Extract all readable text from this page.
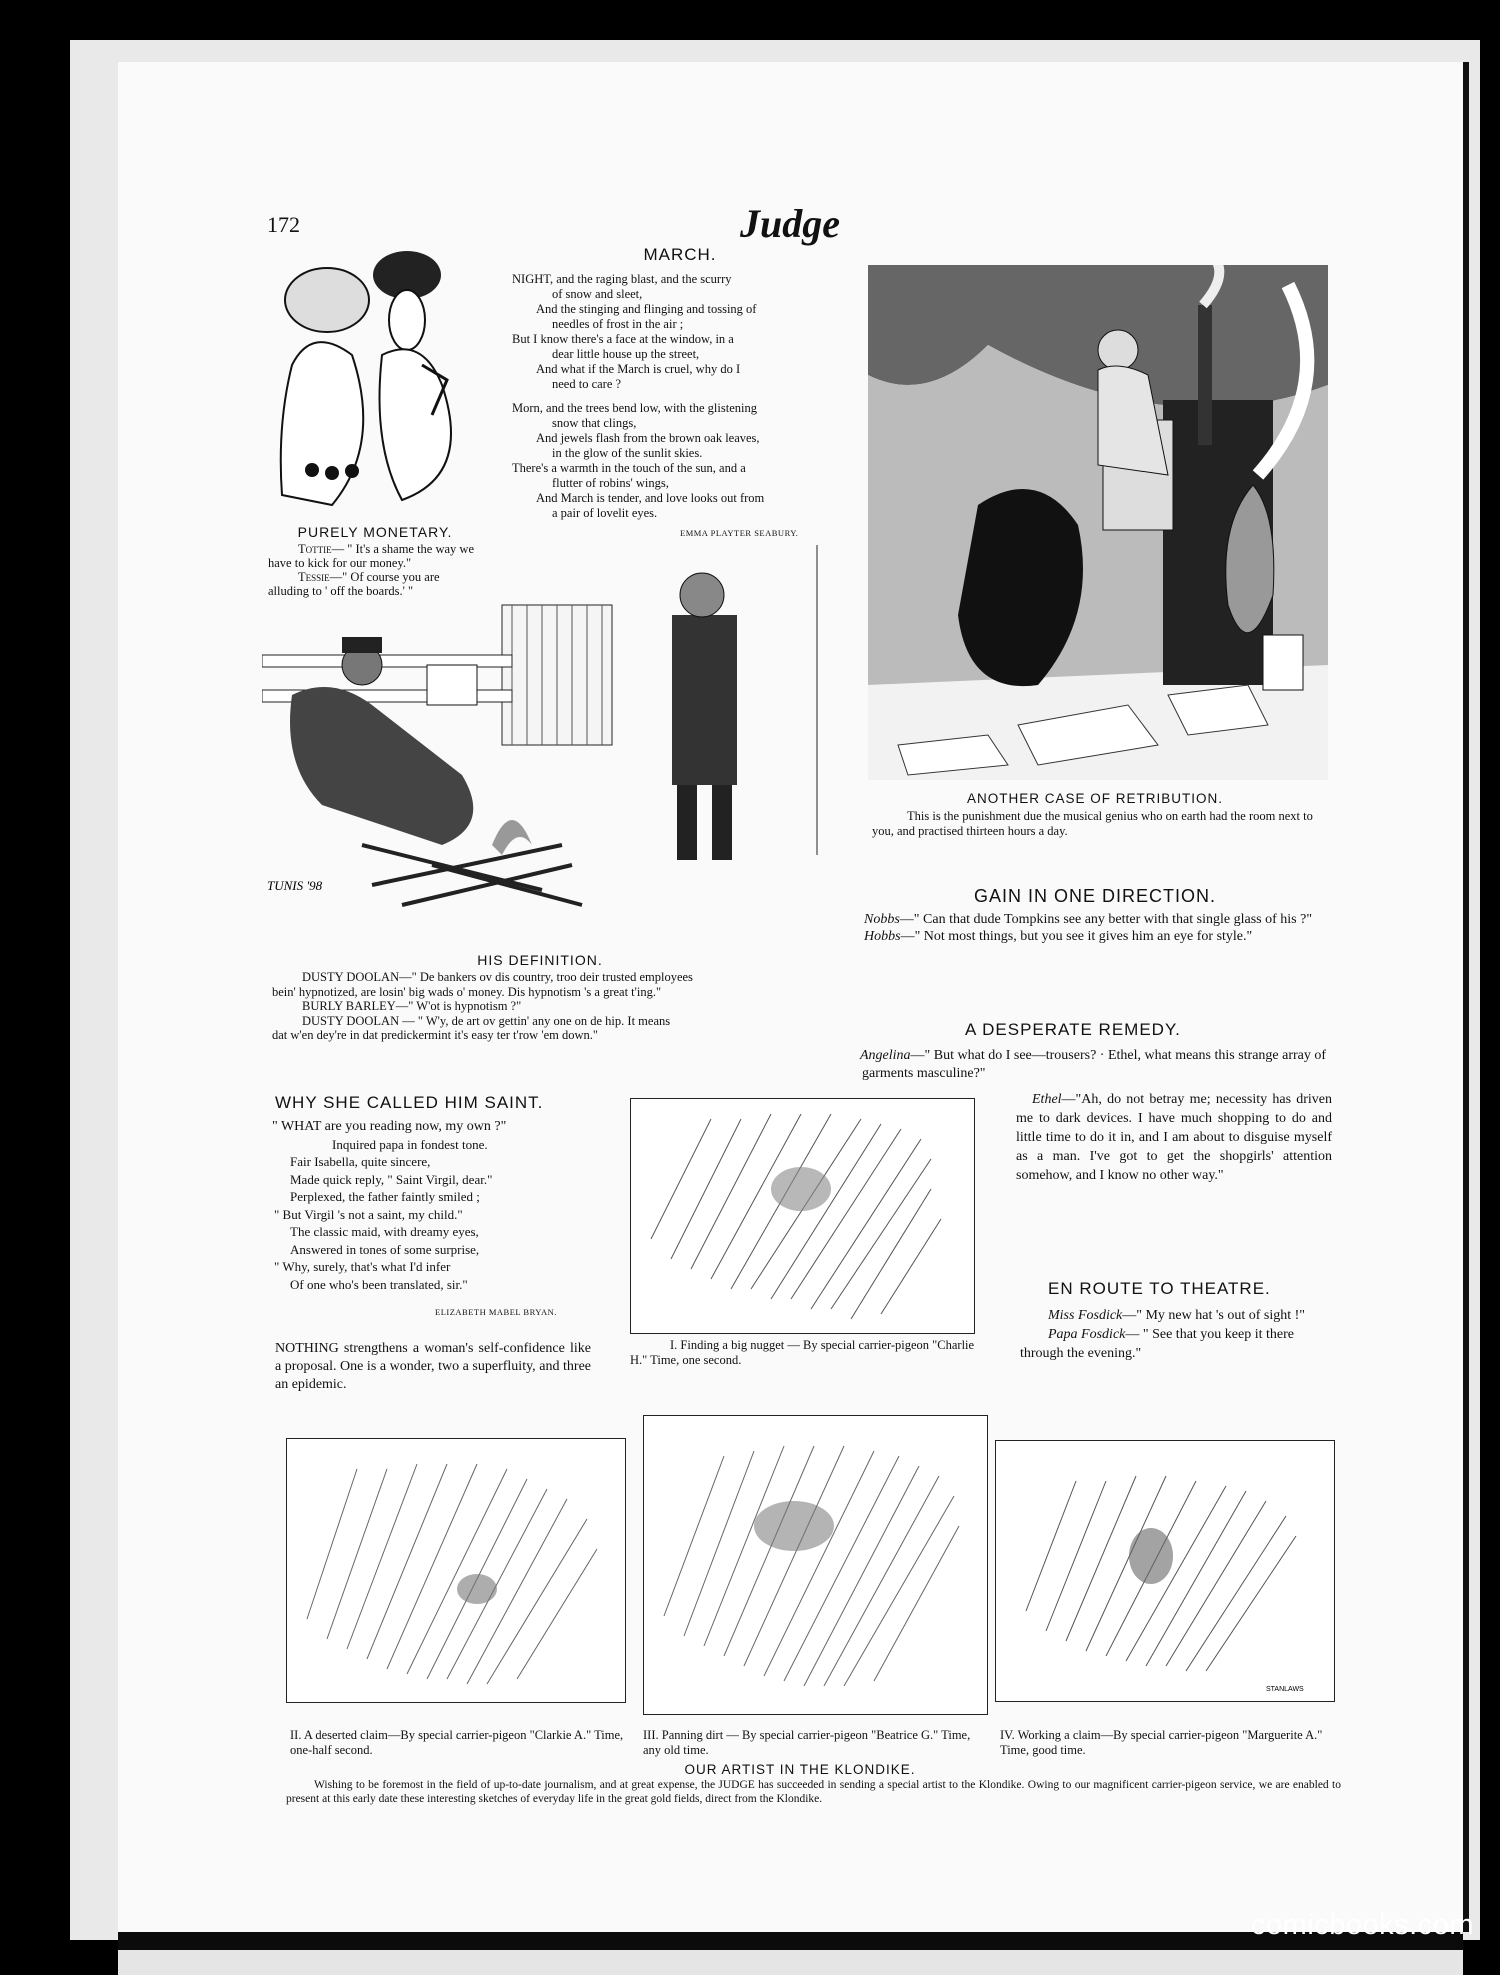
172	Judge
PURELY MONETARY.

Tottie— " It's a shame the way we have to kick for our money."

Tessie—" Of course you are alluding to ' off the boards.' "

MARCH.
NIGHT, and the raging blast, and the scurry
of snow and sleet,
And the stinging and flinging and tossing of
needles of frost in the air ;
But I know there's a face at the window, in a
dear little house up the street,
And what if the March is cruel, why do I
need to care ?
Morn, and the trees bend low, with the glistening
snow that clings,
And jewels flash from the brown oak leaves,
in the glow of the sunlit skies.
There's a warmth in the touch of the sun, and a
flutter of robins' wings,
And March is tender, and love looks out from
a pair of lovelit eyes.
EMMA PLAYTER SEABURY.
TUNIS '98
HIS DEFINITION.
DUSTY DOOLAN—" De bankers ov dis country, troo deir trusted employees
bein' hypnotized, are losin' big wads o' money. Dis hypnotism 's a great t'ing."
BURLY BARLEY—" W'ot is hypnotism ?"
DUSTY DOOLAN — " W'y, de art ov gettin' any one on de hip. It means
dat w'en dey're in dat predickermint it's easy ter t'row 'em down."
ANOTHER CASE OF RETRIBUTION.
This is the punishment due the musical genius who on earth had the room next to you, and practised thirteen hours a day.
GAIN IN ONE DIRECTION.

Nobbs—" Can that dude Tompkins see any better with that single glass of his ?"

Hobbs—" Not most things, but you see it gives him an eye for style."

A DESPERATE REMEDY.
Angelina—" But what do I see—trousers? · Ethel, what means this strange array of garments masculine?"
Ethel—"Ah, do not betray me; necessity has driven me to dark devices. I have much shopping to do and little time to do it in, and I am about to disguise myself as a man. I've got to get the shopgirls' attention somehow, and I know no other way."
EN ROUTE TO THEATRE.

Miss Fosdick—" My new hat 's out of sight !"

Papa Fosdick— " See that you keep it there through the evening."

WHY SHE CALLED HIM SAINT.
" WHAT are you reading now, my own ?"
Inquired papa in fondest tone.
Fair Isabella, quite sincere,
Made quick reply, " Saint Virgil, dear."
Perplexed, the father faintly smiled ;
" But Virgil 's not a saint, my child."
The classic maid, with dreamy eyes,
Answered in tones of some surprise,
" Why, surely, that's what I'd infer
Of one who's been translated, sir."
ELIZABETH MABEL BRYAN.
NOTHING strengthens a woman's self-confidence like a proposal. One is a wonder, two a superfluity, and three an epidemic.
I. Finding a big nugget — By special carrier-pigeon "Charlie H." Time, one second.
II. A deserted claim—By special carrier-pigeon "Clarkie A." Time, one-half second.
III. Panning dirt — By special carrier-pigeon "Beatrice G." Time, any old time.
STANLAWS
IV. Working a claim—By special carrier-pigeon "Marguerite A." Time, good time.
OUR ARTIST IN THE KLONDIKE.
Wishing to be foremost in the field of up-to-date journalism, and at great expense, the JUDGE has succeeded in sending a special artist to the Klondike. Owing to our magnificent carrier-pigeon service, we are enabled to present at this early date these interesting sketches of everyday life in the great gold fields, direct from the Klondike.
comicbooks.com
